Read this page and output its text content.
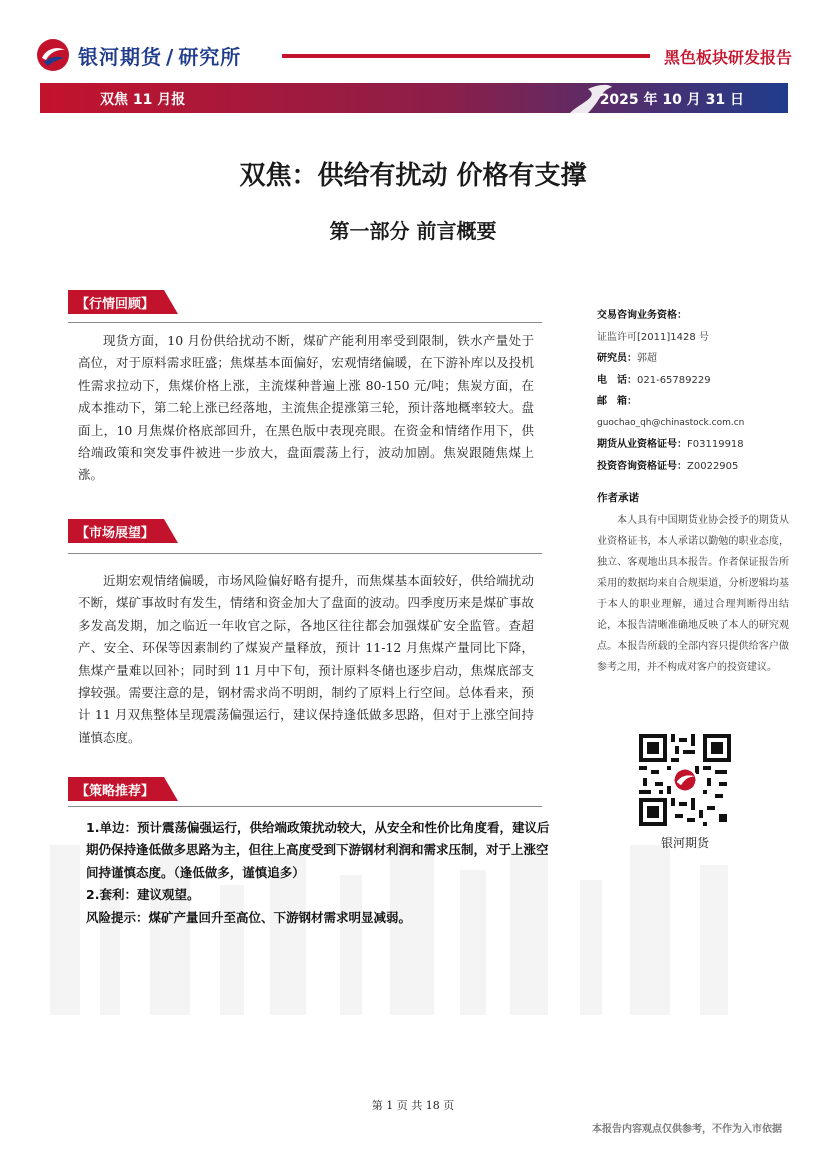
银河期货 / 研究所	黑色板块研发报告
双焦 11 月报	2025 年 10 月 31 日
双焦：供给有扰动 价格有支撑
第一部分 前言概要
【行情回顾】

现货方面，10 月份供给扰动不断，煤矿产能利用率受到限制，铁水产量处于高位，对于原料需求旺盛；焦煤基本面偏好，宏观情绪偏暖，在下游补库以及投机性需求拉动下，焦煤价格上涨，主流煤种普遍上涨 80-150 元/吨；焦炭方面，在成本推动下，第二轮上涨已经落地，主流焦企提涨第三轮，预计落地概率较大。盘面上，10 月焦煤价格底部回升，在黑色版中表现亮眼。在资金和情绪作用下，供给端政策和突发事件被进一步放大，盘面震荡上行，波动加剧。焦炭跟随焦煤上涨。

【市场展望】

近期宏观情绪偏暖，市场风险偏好略有提升，而焦煤基本面较好，供给端扰动不断，煤矿事故时有发生，情绪和资金加大了盘面的波动。四季度历来是煤矿事故多发高发期，加之临近一年收官之际，各地区往往都会加强煤矿安全监管。查超产、安全、环保等因素制约了煤炭产量释放，预计 11-12 月焦煤产量同比下降，焦煤产量难以回补；同时到 11 月中下旬，预计原料冬储也逐步启动，焦煤底部支撑较强。需要注意的是，钢材需求尚不明朗，制约了原料上行空间。总体看来，预计 11 月双焦整体呈现震荡偏强运行，建议保持逢低做多思路，但对于上涨空间持谨慎态度。

【策略推荐】

1.单边：预计震荡偏强运行，供给端政策扰动较大，从安全和性价比角度看，建议后期仍保持逢低做多思路为主，但往上高度受到下游钢材利润和需求压制，对于上涨空间持谨慎态度。（逢低做多，谨慎追多）

2.套利：建议观望。

风险提示：煤矿产量回升至高位、下游钢材需求明显减弱。

交易咨询业务资格：
证监许可[2011]1428 号
研究员：郭超
电　话：021-65789229
邮　箱：
guochao_qh@chinastock.com.cn
期货从业资格证号：F03119918
投资咨询资格证号：Z0022905
作者承诺

本人具有中国期货业协会授予的期货从业资格证书，本人承诺以勤勉的职业态度，独立、客观地出具本报告。作者保证报告所采用的数据均来自合规渠道，分析逻辑均基于本人的职业理解，通过合理判断得出结论，本报告清晰准确地反映了本人的研究观点。本报告所载的全部内容只提供给客户做参考之用，并不构成对客户的投资建议。

银河期货
第 1 页 共 18 页
本报告内容观点仅供参考，不作为入市依据
